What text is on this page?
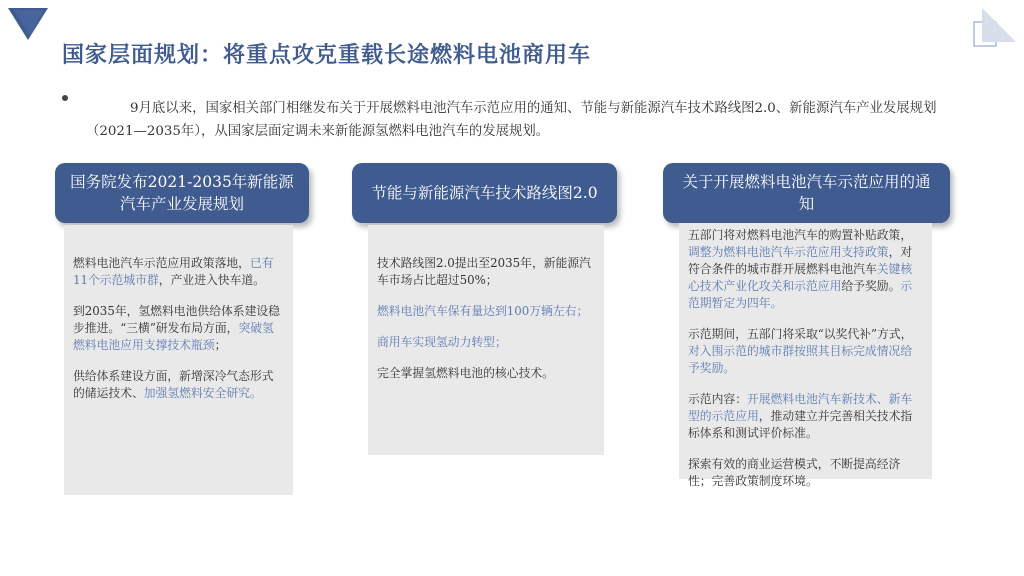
国家层面规划：将重点攻克重载长途燃料电池商用车

9月底以来，国家相关部门相继发布关于开展燃料电池汽车示范应用的通知、节能与新能源汽车技术路线图2.0、新能源汽车产业发展规划（2021—2035年），从国家层面定调未来新能源氢燃料电池汽车的发展规划。

国务院发布2021-2035年新能源汽车产业发展规划
节能与新能源汽车技术路线图2.0
关于开展燃料电池汽车示范应用的通知

燃料电池汽车示范应用政策落地，已有11个示范城市群，产业进入快车道。

到2035年，氢燃料电池供给体系建设稳步推进。“三横”研发布局方面，突破氢燃料电池应用支撑技术瓶颈；

供给体系建设方面，新增深冷气态形式的储运技术、加强氢燃料安全研究。

技术路线图2.0提出至2035年，新能源汽车市场占比超过50%；

燃料电池汽车保有量达到100万辆左右；

商用车实现氢动力转型；

完全掌握氢燃料电池的核心技术。

五部门将对燃料电池汽车的购置补贴政策，调整为燃料电池汽车示范应用支持政策，对符合条件的城市群开展燃料电池汽车关键核心技术产业化攻关和示范应用给予奖励。示范期暂定为四年。

示范期间，五部门将采取“以奖代补”方式，对入围示范的城市群按照其目标完成情况给予奖励。

示范内容：开展燃料电池汽车新技术、新车型的示范应用，推动建立并完善相关技术指标体系和测试评价标准。

探索有效的商业运营模式，不断提高经济性；完善政策制度环境。
